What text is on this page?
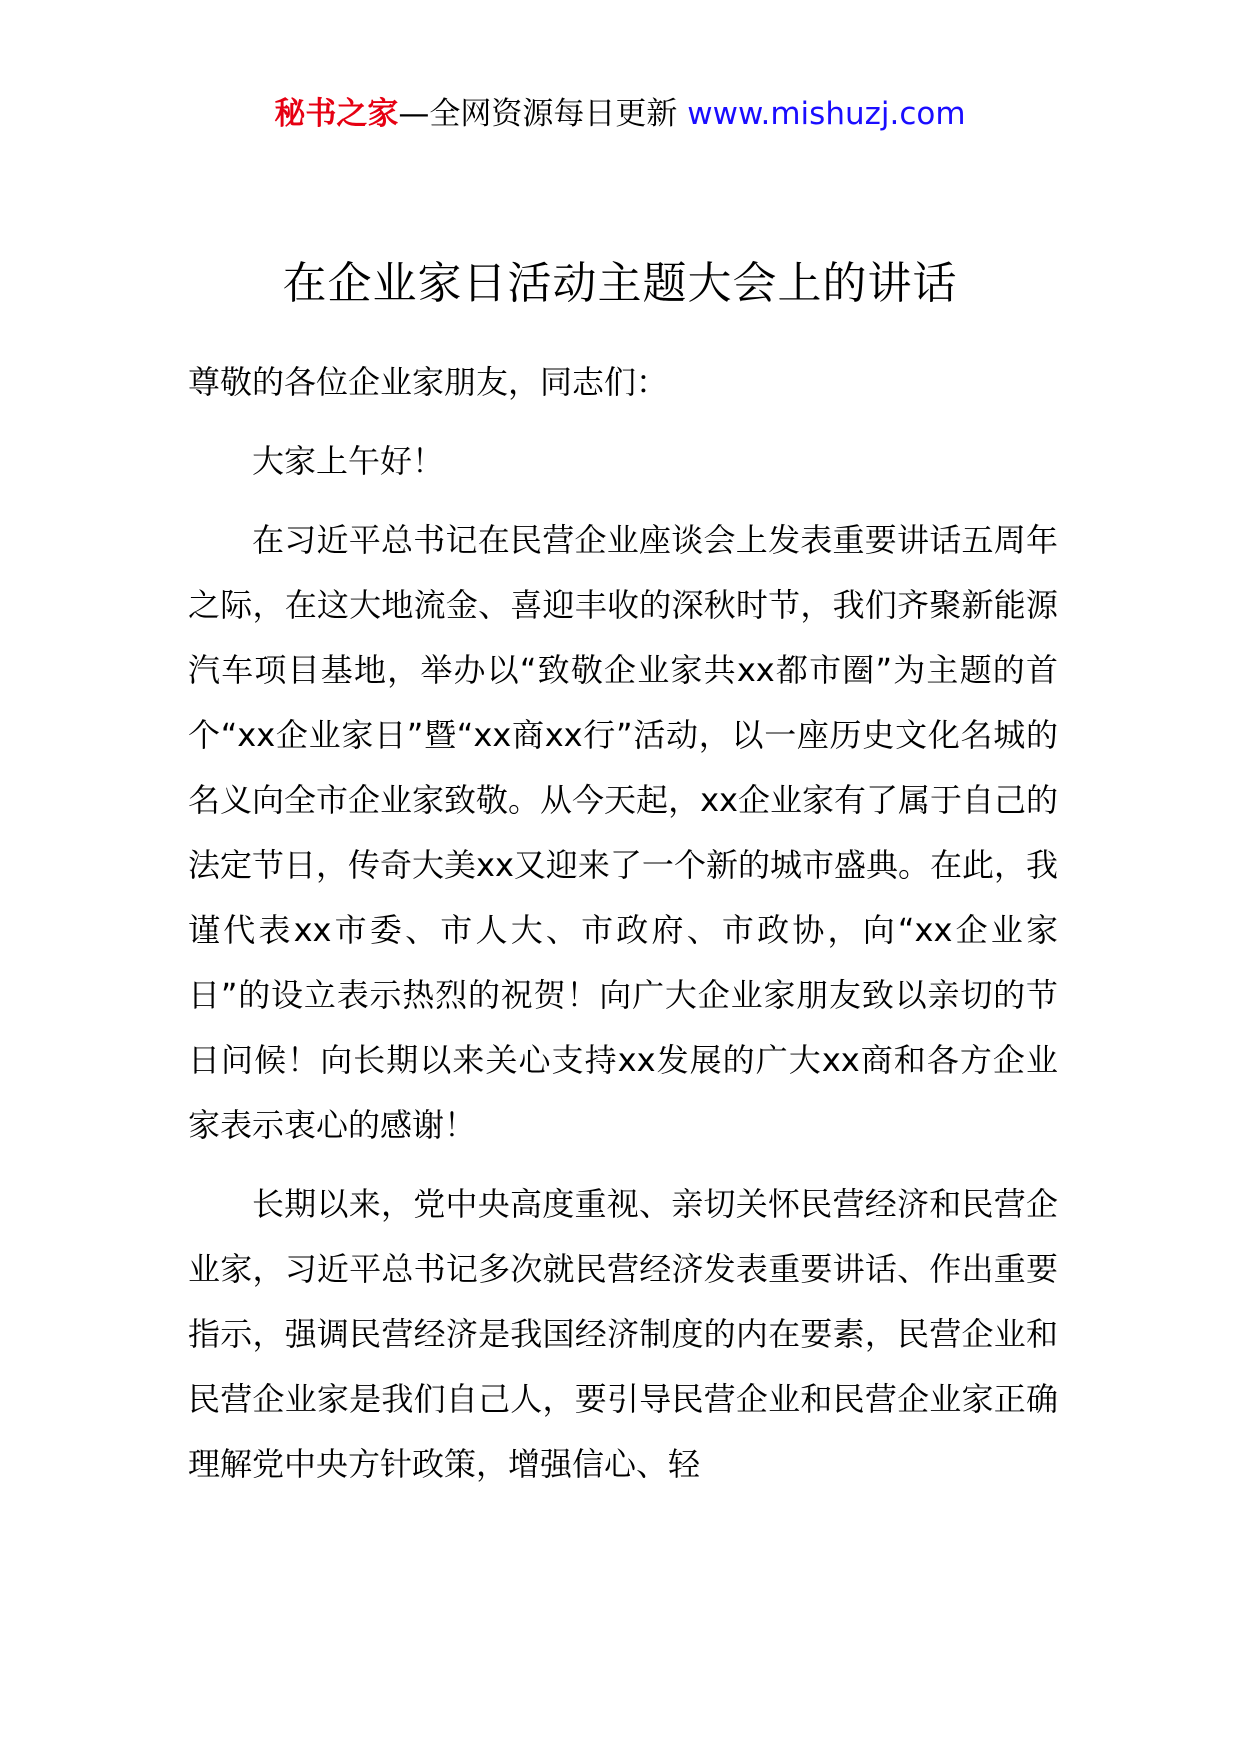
秘书之家—全网资源每日更新 www.mishuzj.com
在企业家日活动主题大会上的讲话

尊敬的各位企业家朋友，同志们：

大家上午好！

在习近平总书记在民营企业座谈会上发表重要讲话五周年之际，在这大地流金、喜迎丰收的深秋时节，我们齐聚新能源汽车项目基地，举办以“致敬企业家共xx都市圈”为主题的首个“xx企业家日”暨“xx商xx行”活动，以一座历史文化名城的名义向全市企业家致敬。从今天起，xx企业家有了属于自己的法定节日，传奇大美xx又迎来了一个新的城市盛典。在此，我谨代表xx市委、市人大、市政府、市政协，向“xx企业家日”的设立表示热烈的祝贺！向广大企业家朋友致以亲切的节日问候！向长期以来关心支持xx发展的广大xx商和各方企业家表示衷心的感谢！

长期以来，党中央高度重视、亲切关怀民营经济和民营企业家，习近平总书记多次就民营经济发表重要讲话、作出重要指示，强调民营经济是我国经济制度的内在要素，民营企业和民营企业家是我们自己人，要引导民营企业和民营企业家正确理解党中央方针政策，增强信心、轻
